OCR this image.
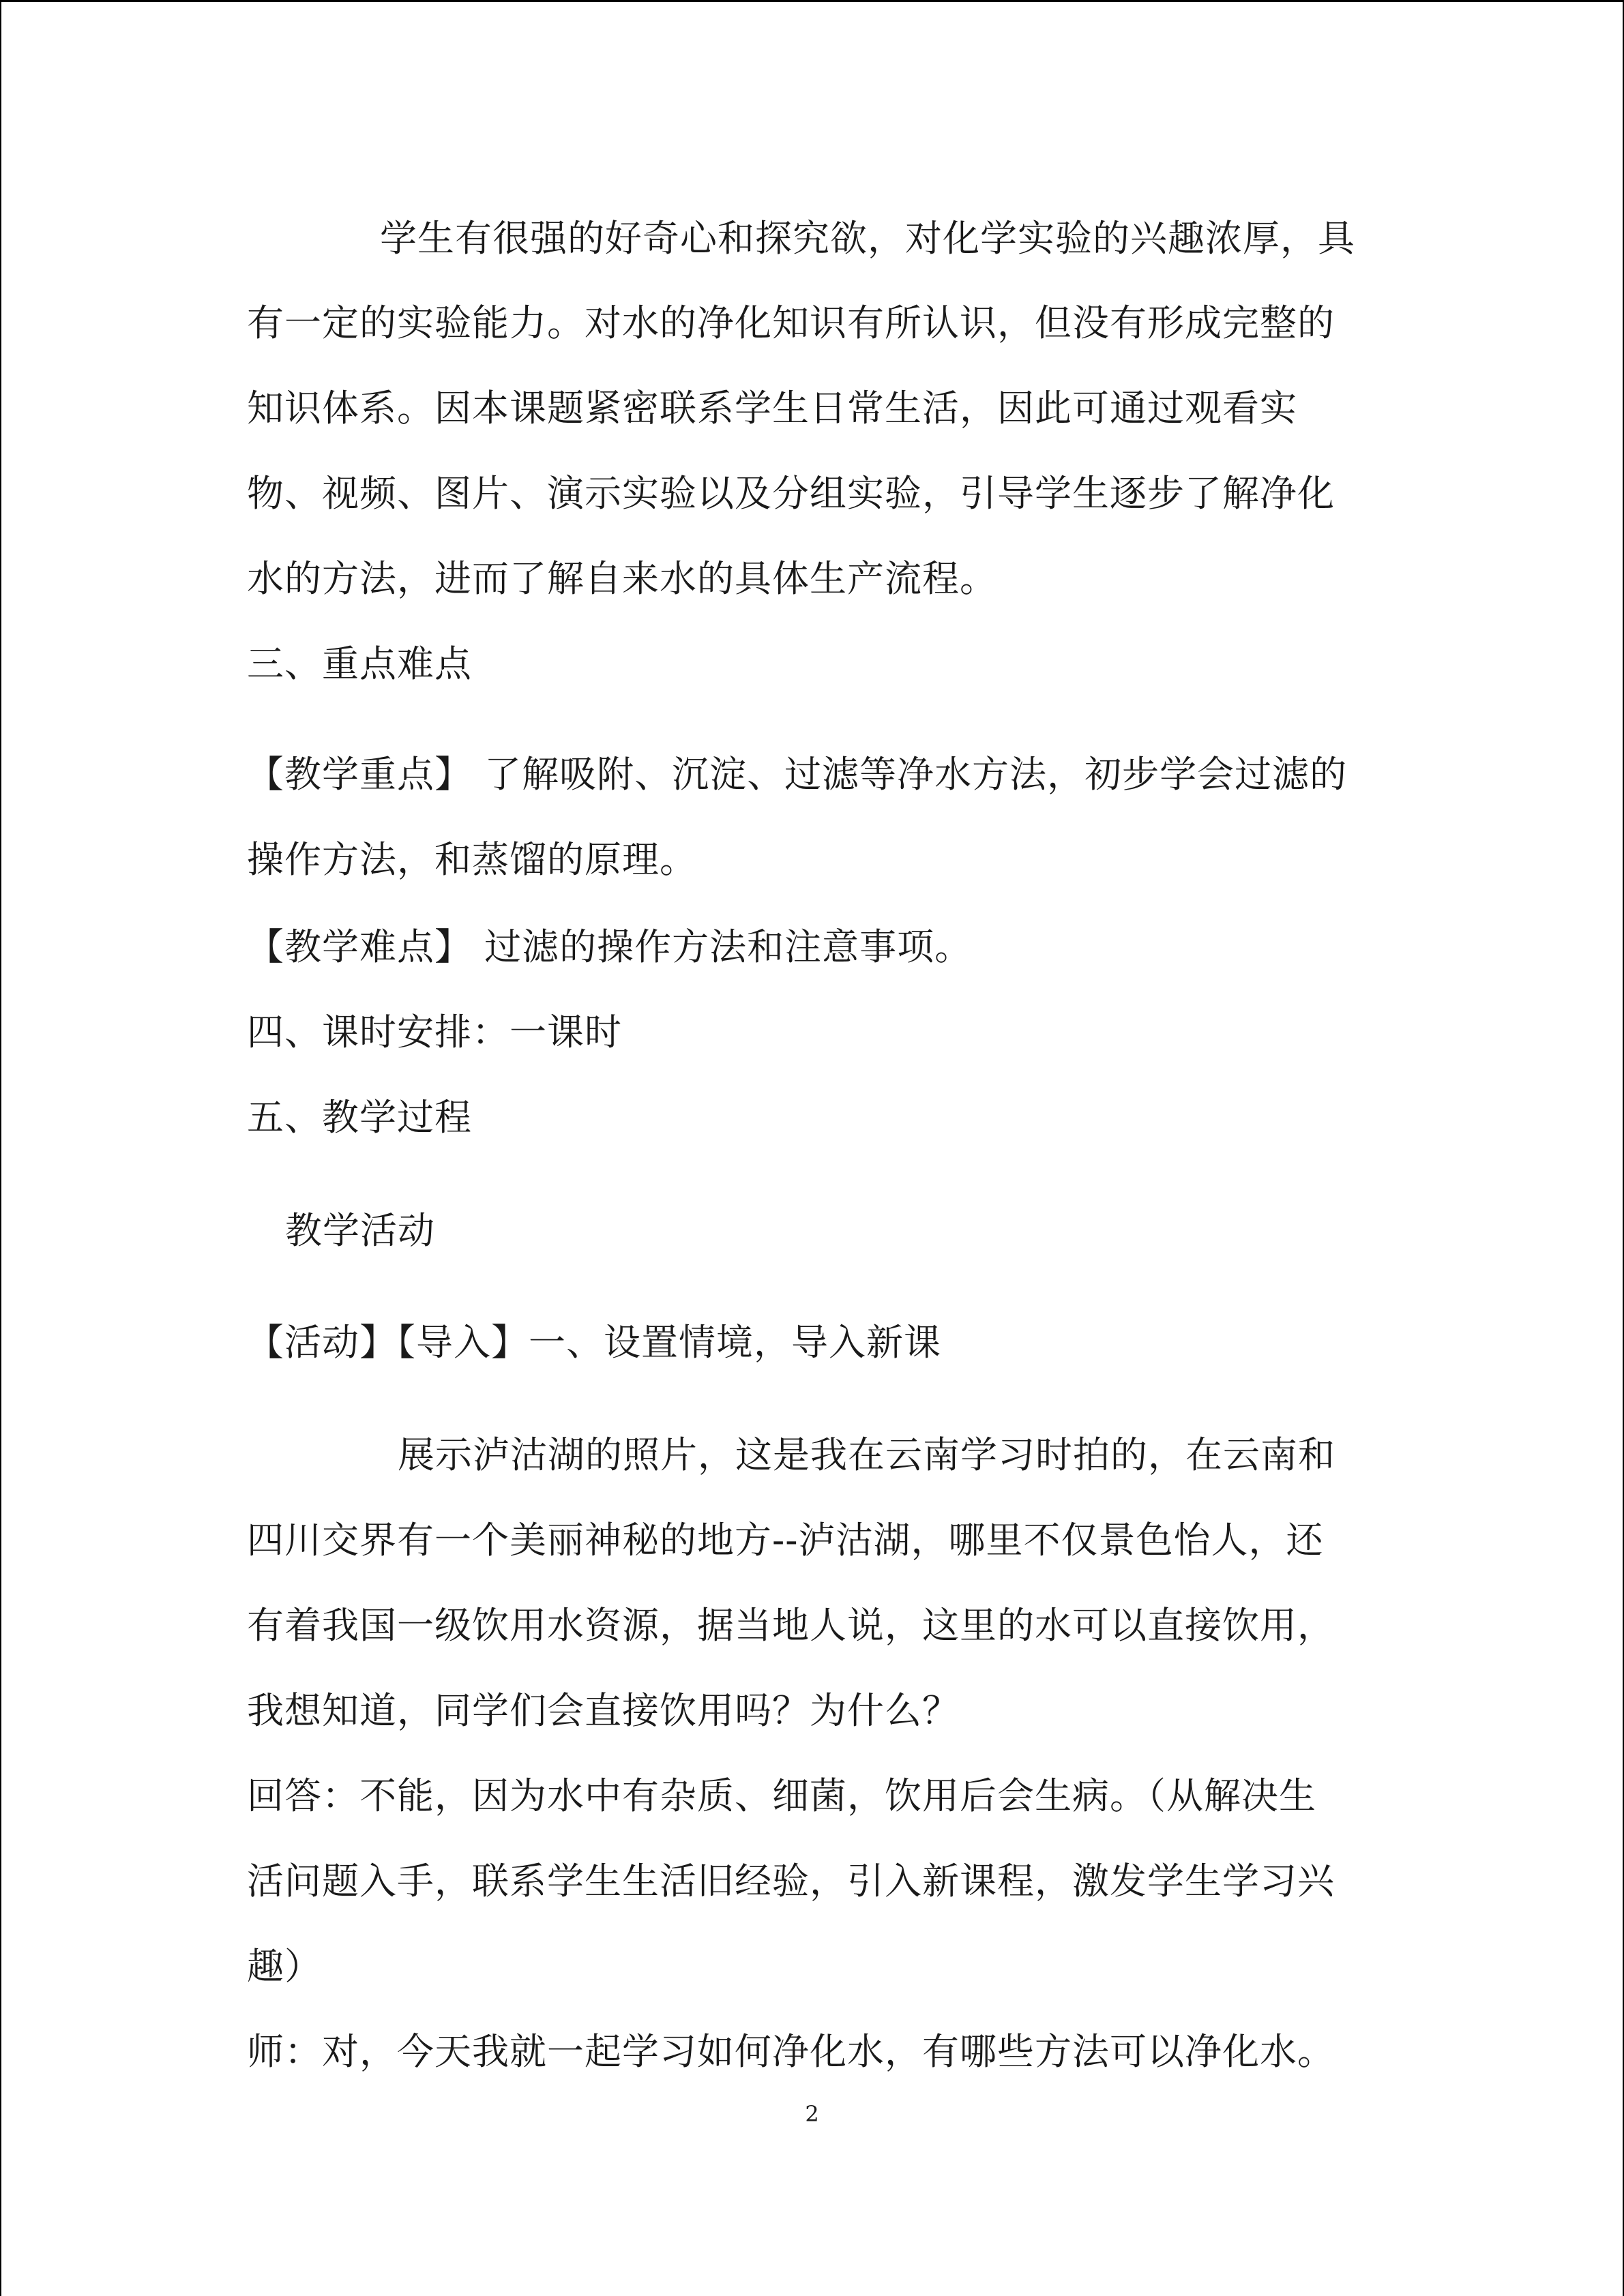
学生有很强的好奇心和探究欲，对化学实验的兴趣浓厚，具
有一定的实验能力。对水的净化知识有所认识，但没有形成完整的
知识体系。因本课题紧密联系学生日常生活，因此可通过观看实
物、视频、图片、演示实验以及分组实验，引导学生逐步了解净化
水的方法，进而了解自来水的具体生产流程。
三、重点难点
【教学重点】 了解吸附、沉淀、过滤等净水方法，初步学会过滤的
操作方法，和蒸馏的原理。
【教学难点】 过滤的操作方法和注意事项。
四、课时安排：一课时
五、教学过程
教学活动
【活动】【导入】一、设置情境，导入新课
展示泸沽湖的照片，这是我在云南学习时拍的，在云南和
四川交界有一个美丽神秘的地方--泸沽湖，哪里不仅景色怡人，还
有着我国一级饮用水资源，据当地人说，这里的水可以直接饮用，
我想知道，同学们会直接饮用吗？为什么？
回答：不能，因为水中有杂质、细菌，饮用后会生病。（从解决生
活问题入手，联系学生生活旧经验，引入新课程，激发学生学习兴
趣）
师：对，今天我就一起学习如何净化水，有哪些方法可以净化水。
2
